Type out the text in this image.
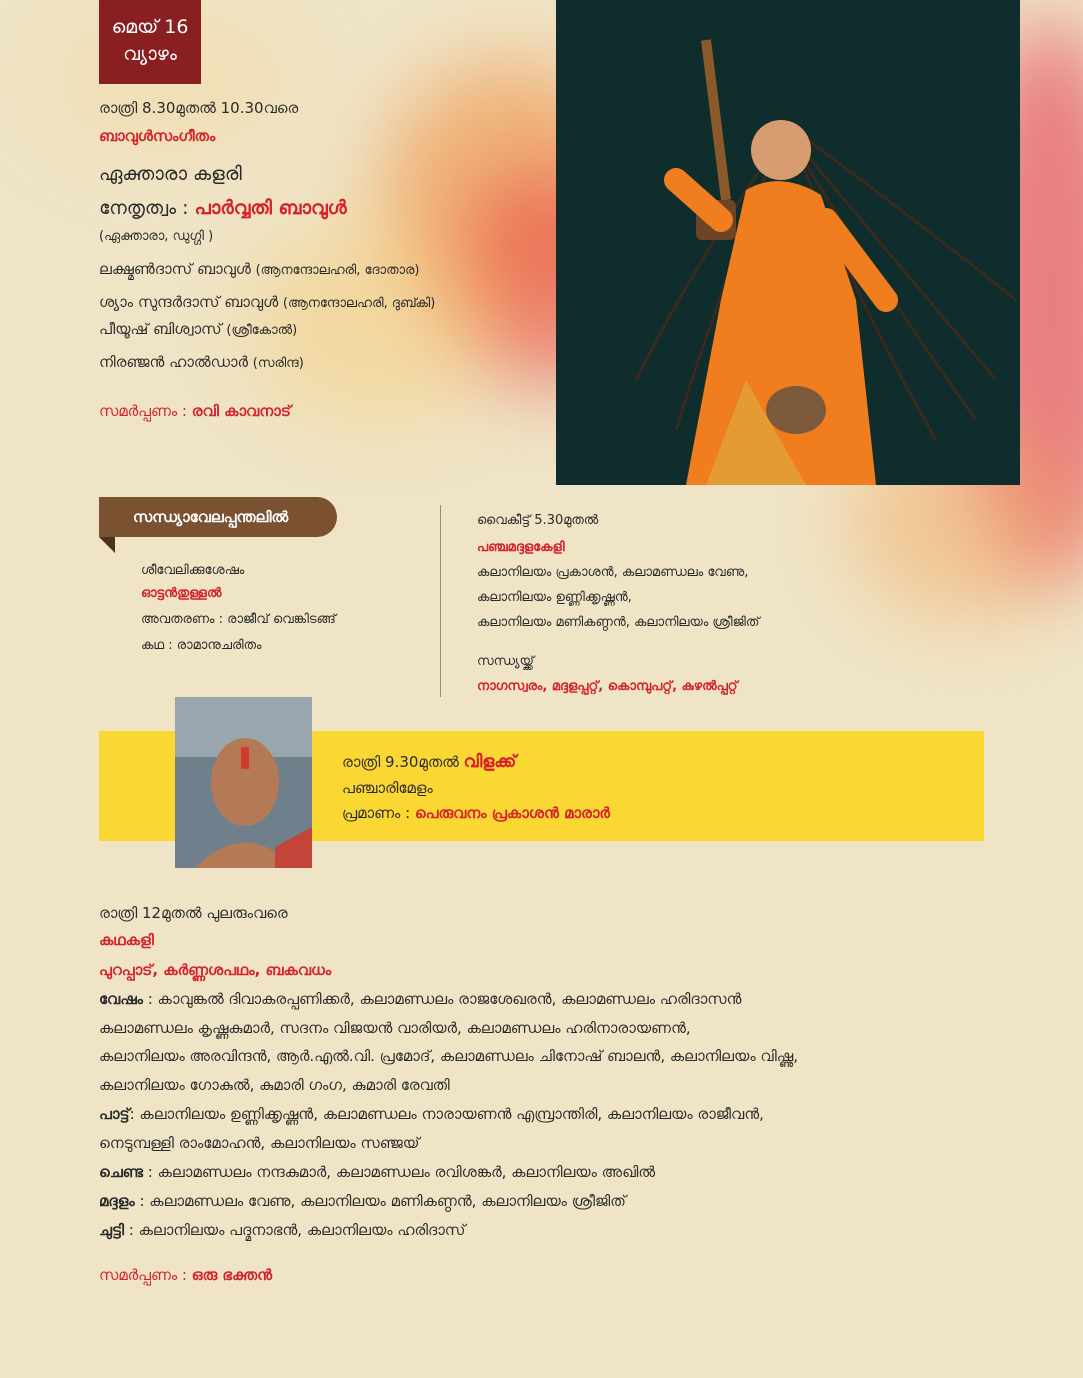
മെയ് 16
വ്യാഴം
രാത്രി 8.30മുതൽ 10.30വരെ
ബാവുൾസംഗീതം
ഏക്താരാ കളരി
നേതൃത്വം : പാർവ്വതി ബാവുൾ
(ഏക്താരാ, ഡുഗ്ഗി )
ലക്ഷ്മൺദാസ് ബാവുൾ (ആനന്ദോലഹരി, ദോതാര)
ശ്യാം സുന്ദർദാസ് ബാവുൾ (ആനന്ദോലഹരി, ദുബ്കി)
പീയൂഷ് ബിശ്വാസ് (ശ്രീകോൽ)
നിരഞ്ജൻ ഹാൽഡാർ (സരിന്ദ)
സമർപ്പണം : രവി കാവനാട്
സന്ധ്യാവേലപ്പന്തലിൽ
ശീവേലിക്കുശേഷം
ഓട്ടൻതുള്ളൽ
അവതരണം : രാജീവ് വെങ്കിടങ്ങ്
കഥ : രാമാനുചരിതം
വൈകീട്ട് 5.30മുതൽ
പഞ്ചമദ്ദളകേളി
കലാനിലയം പ്രകാശൻ, കലാമണ്ഡലം വേണു,
കലാനിലയം ഉണ്ണിക്കൃഷ്ണൻ,
കലാനിലയം മണികണ്ഠൻ, കലാനിലയം ശ്രീജിത്
സന്ധ്യയ്ക്ക്
നാഗസ്വരം, മദ്ദളപ്പറ്റ്, കൊമ്പുപറ്റ്, കുഴൽപ്പറ്റ്
രാത്രി 9.30മുതൽ വിളക്ക്
പഞ്ചാരിമേളം
പ്രമാണം : പെരുവനം പ്രകാശൻ മാരാർ
രാത്രി 12മുതൽ പുലരുംവരെ
കഥകളി
പുറപ്പാട്, കർണ്ണശപഥം, ബകവധം
വേഷം : കാവുങ്കൽ ദിവാകരപ്പണിക്കർ, കലാമണ്ഡലം രാജശേഖരൻ, കലാമണ്ഡലം ഹരിദാസൻ
കലാമണ്ഡലം കൃഷ്ണകുമാർ, സദനം വിജയൻ വാരിയർ, കലാമണ്ഡലം ഹരിനാരായണൻ,
കലാനിലയം അരവിന്ദൻ, ആർ.എൽ.വി. പ്രമോദ്, കലാമണ്ഡലം ചിനോഷ് ബാലൻ, കലാനിലയം വിഷ്ണു,
കലാനിലയം ഗോകുൽ, കുമാരി ഗംഗ, കുമാരി രേവതി
പാട്ട്: കലാനിലയം ഉണ്ണിക്കൃഷ്ണൻ, കലാമണ്ഡലം നാരായണൻ എമ്പ്രാന്തിരി, കലാനിലയം രാജീവൻ,
നെടുമ്പള്ളി രാംമോഹൻ, കലാനിലയം സഞ്ജയ്
ചെണ്ട : കലാമണ്ഡലം നന്ദകുമാർ, കലാമണ്ഡലം രവിശങ്കർ, കലാനിലയം അഖിൽ
മദ്ദളം : കലാമണ്ഡലം വേണു, കലാനിലയം മണികണ്ഠൻ, കലാനിലയം ശ്രീജിത്
ചുട്ടി : കലാനിലയം പദ്മനാഭൻ, കലാനിലയം ഹരിദാസ്
സമർപ്പണം : ഒരു ഭക്തൻ
